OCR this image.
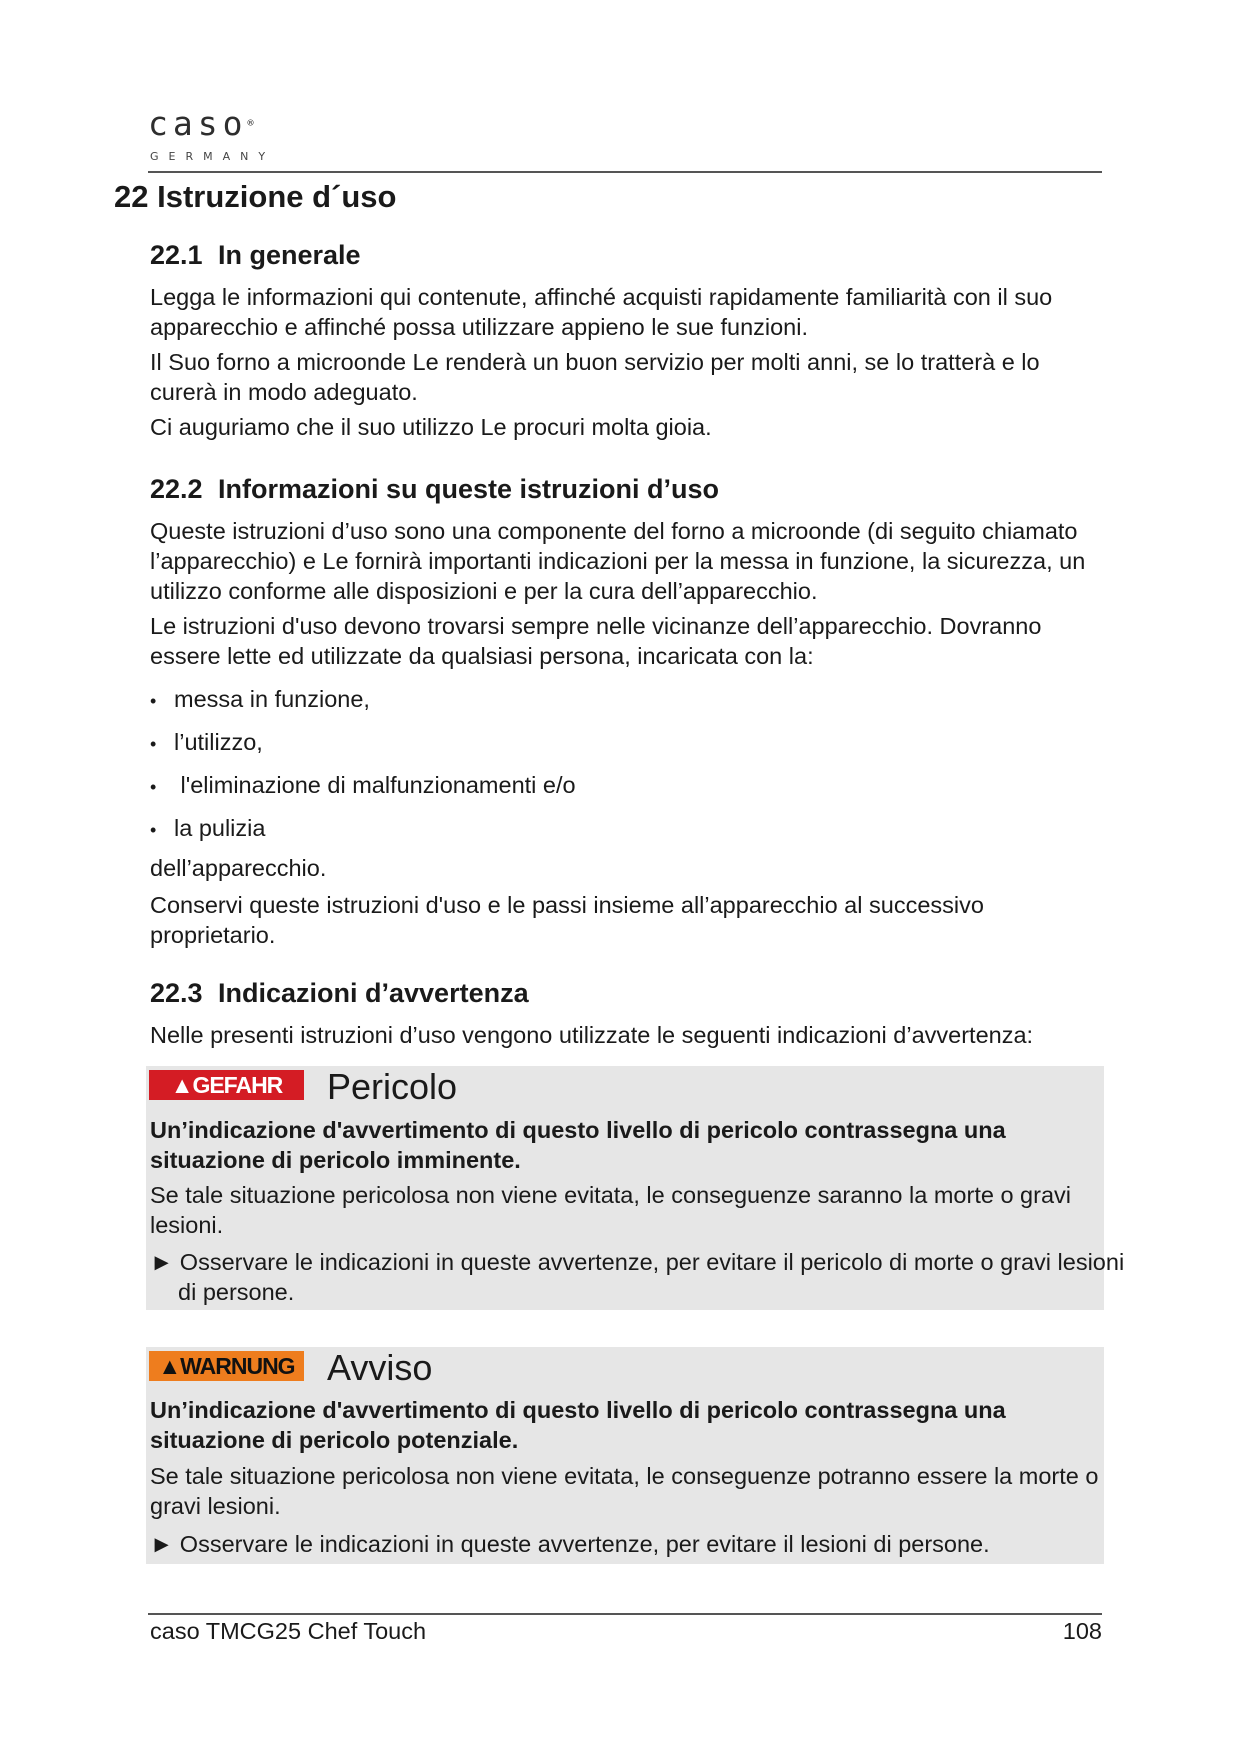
caso®
GERMANY
22 Istruzione d´uso
22.1 In generale

Legga le informazioni qui contenute, affinché acquisti rapidamente familiarità con il suo apparecchio e affinché possa utilizzare appieno le sue funzioni.

Il Suo forno a microonde Le renderà un buon servizio per molti anni, se lo tratterà e lo curerà in modo adeguato.

Ci auguriamo che il suo utilizzo Le procuri molta gioia.

22.2 Informazioni su queste istruzioni d’uso

Queste istruzioni d’uso sono una componente del forno a microonde (di seguito chiamato l’apparecchio) e Le fornirà importanti indicazioni per la messa in funzione, la sicurezza, un utilizzo conforme alle disposizioni e per la cura dell’apparecchio.

Le istruzioni d'uso devono trovarsi sempre nelle vicinanze dell’apparecchio. Dovranno essere lette ed utilizzate da qualsiasi persona, incaricata con la:

• messa in funzione,
• l’utilizzo,
• l'eliminazione di malfunzionamenti e/o
• la pulizia

dell’apparecchio.

Conservi queste istruzioni d'uso e le passi insieme all’apparecchio al successivo proprietario.

22.3 Indicazioni d’avvertenza

Nelle presenti istruzioni d’uso vengono utilizzate le seguenti indicazioni d’avvertenza:

▲GEFAHR	Pericolo

Un’indicazione d'avvertimento di questo livello di pericolo contrassegna una situazione di pericolo imminente.

Se tale situazione pericolosa non viene evitata, le conseguenze saranno la morte o gravi lesioni.

► Osservare le indicazioni in queste avvertenze, per evitare il pericolo di morte o gravi lesioni di persone.

▲WARNUNG Avviso

Un’indicazione d'avvertimento di questo livello di pericolo contrassegna una situazione di pericolo potenziale.

Se tale situazione pericolosa non viene evitata, le conseguenze potranno essere la morte o gravi lesioni.

► Osservare le indicazioni in queste avvertenze, per evitare il lesioni di persone.

caso TMCG25 Chef Touch	108
